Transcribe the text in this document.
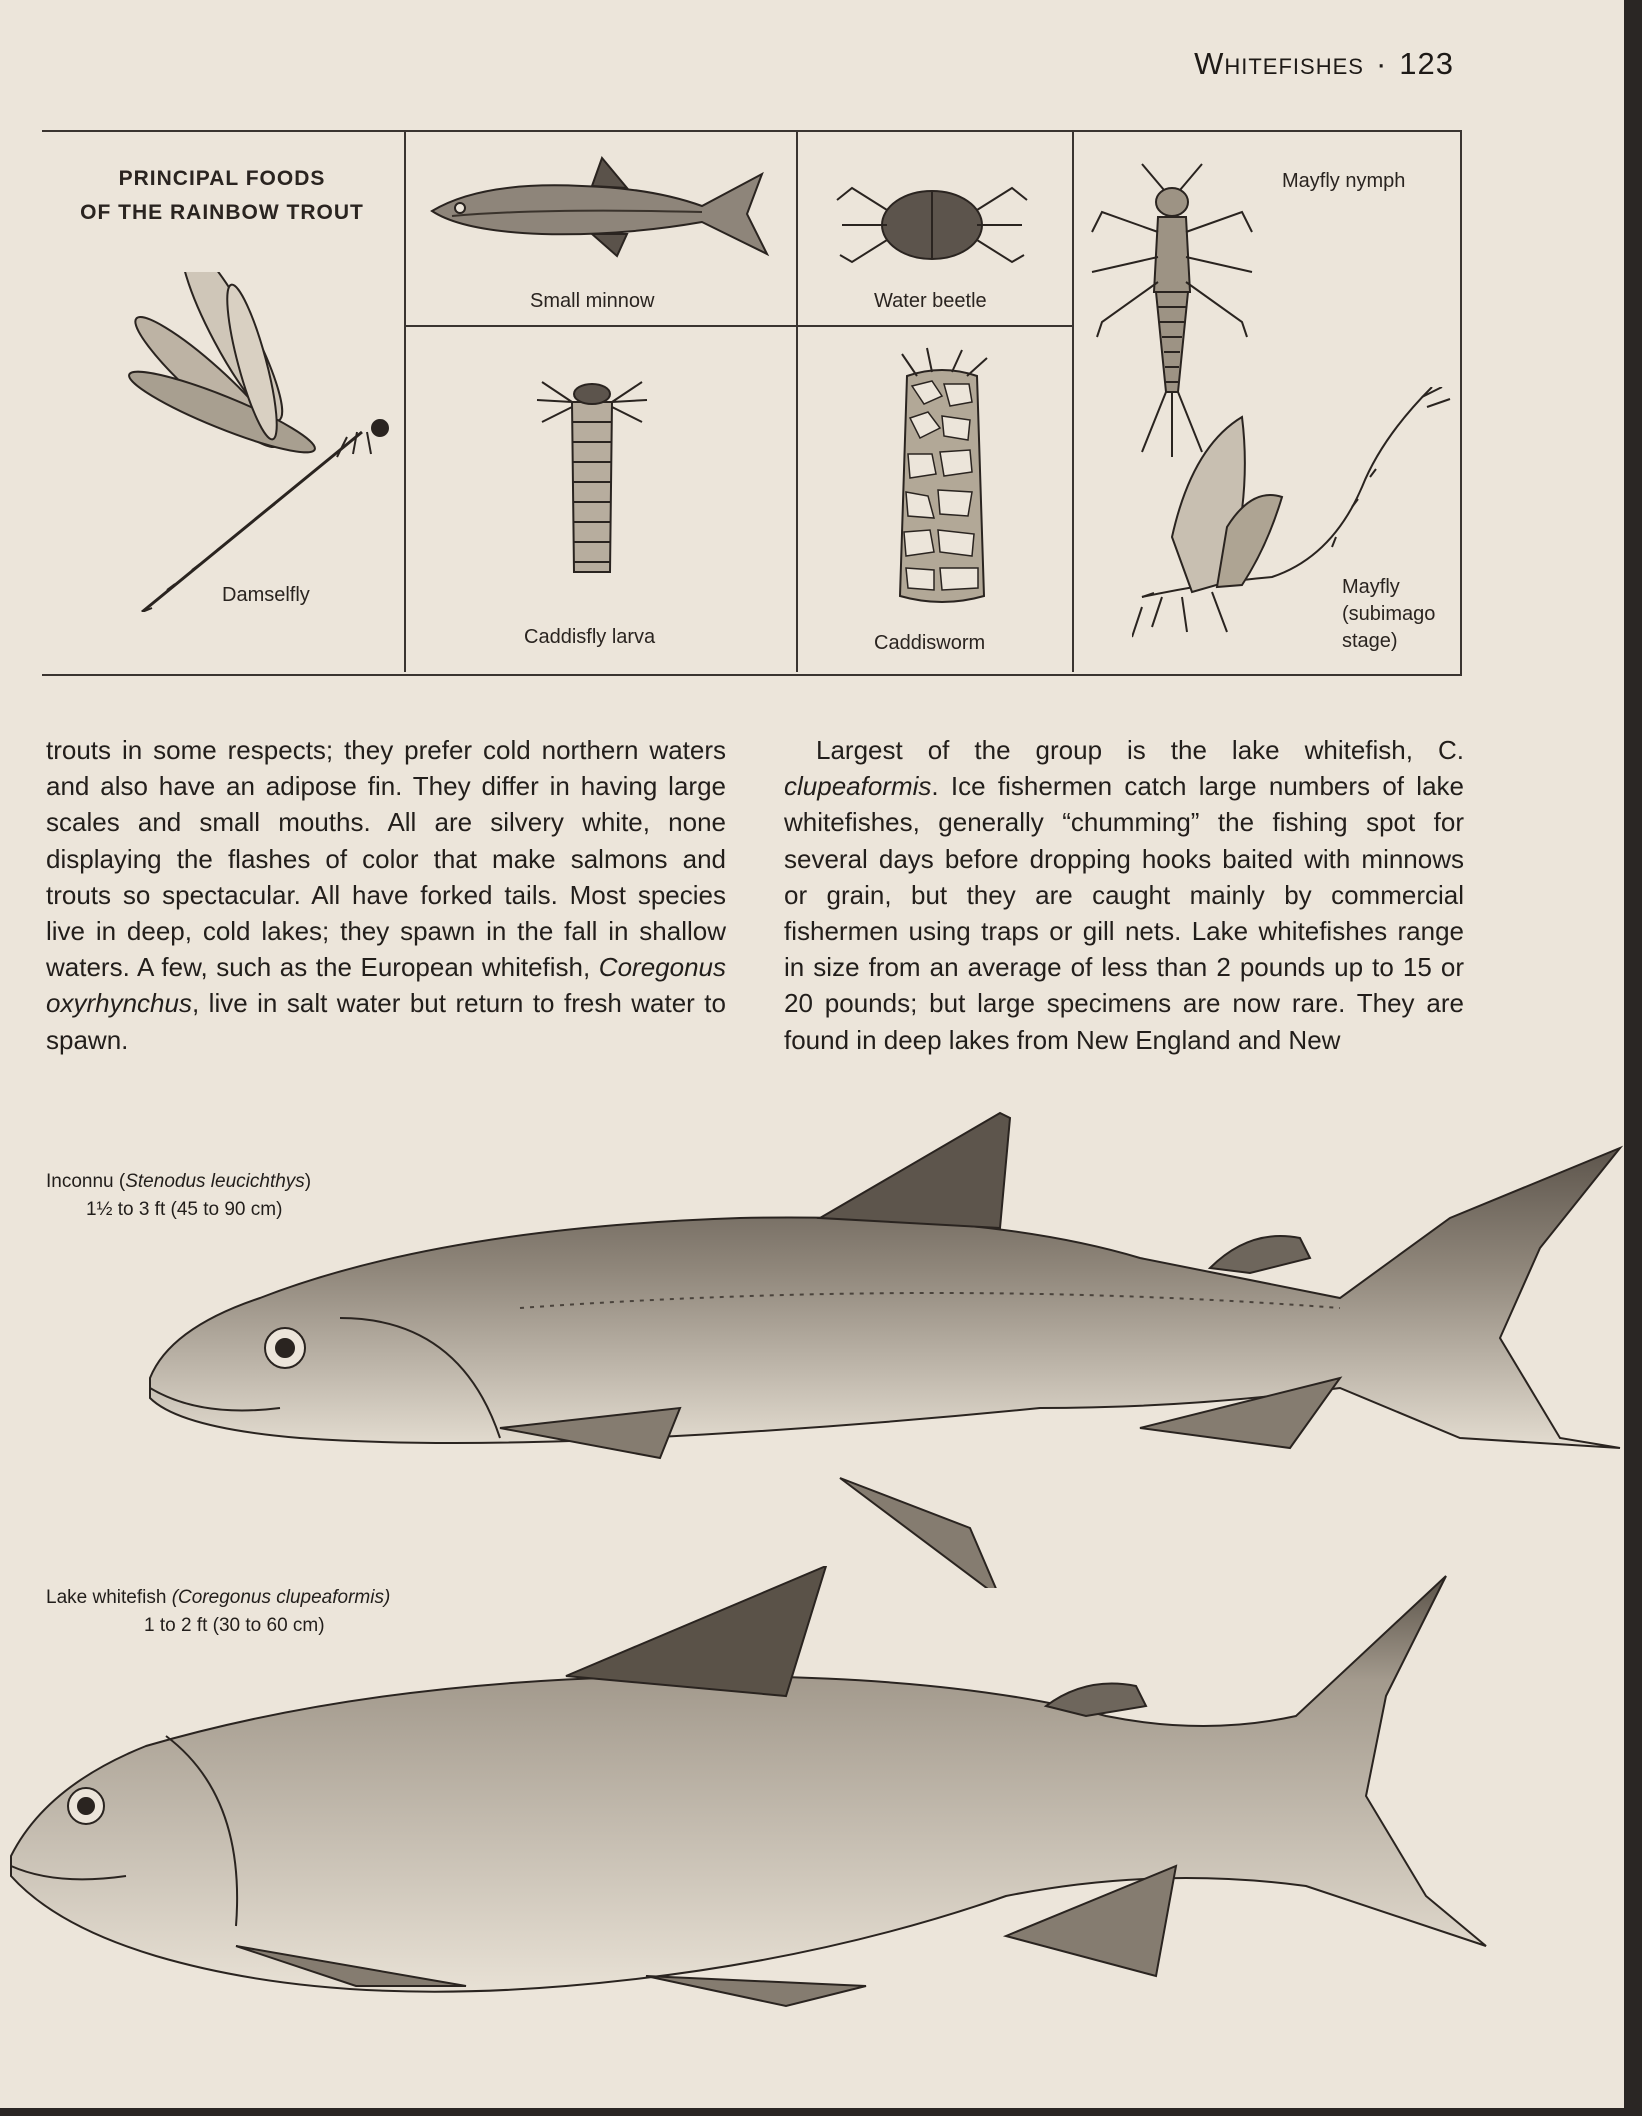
Whitefishes · 123
PRINCIPAL FOODS
OF THE RAINBOW TROUT
Damselfly
Small minnow	Water beetle
Caddisfly larva	Caddisworm
Mayfly nymph
Mayfly
(subimago
stage)

trouts in some respects; they prefer cold northern waters and also have an adipose fin. They differ in having large scales and small mouths. All are silvery white, none displaying the flashes of color that make salmons and trouts so spectacular. All have forked tails. Most species live in deep, cold lakes; they spawn in the fall in shallow waters. A few, such as the European whitefish, Coregonus oxyrhynchus, live in salt water but return to fresh water to spawn.

Largest of the group is the lake whitefish, C. clupeaformis. Ice fishermen catch large numbers of lake whitefishes, generally “chumming” the fishing spot for several days before dropping hooks baited with minnows or grain, but they are caught mainly by commercial fishermen using traps or gill nets. Lake whitefishes range in size from an average of less than 2 pounds up to 15 or 20 pounds; but large specimens are now rare. They are found in deep lakes from New England and New

Inconnu (Stenodus leucichthys)
1½ to 3 ft (45 to 90 cm)
Lake whitefish (Coregonus clupeaformis)
1 to 2 ft (30 to 60 cm)
